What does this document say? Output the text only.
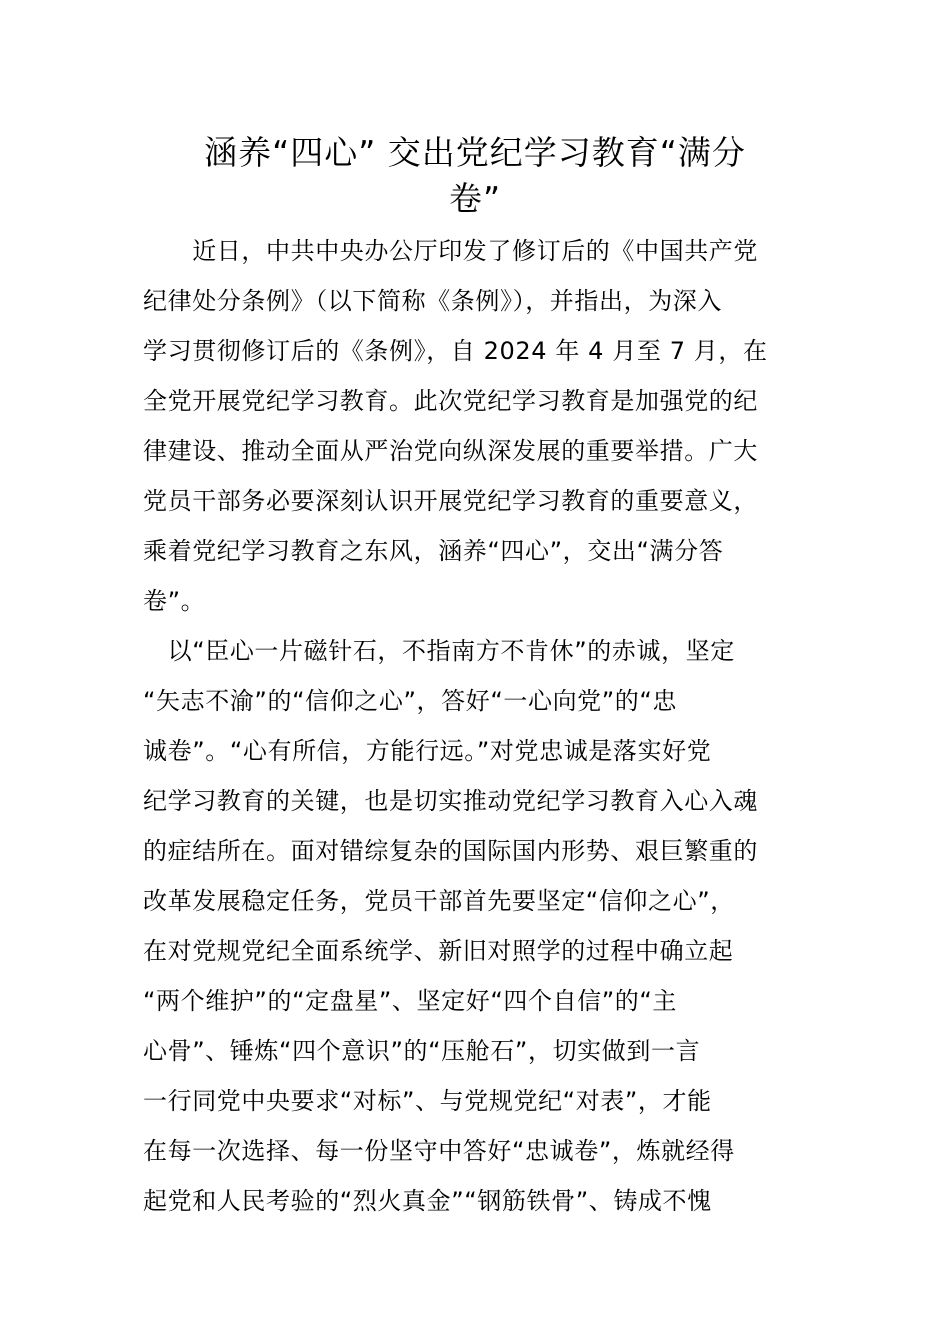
涵养“四心” 交出党纪学习教育“满分
卷”
　　近日，中共中央办公厅印发了修订后的《中国共产党
纪律处分条例》（以下简称《条例》），并指出，为深入
学习贯彻修订后的《条例》，自 2024 年 4 月至 7 月，在
全党开展党纪学习教育。此次党纪学习教育是加强党的纪
律建设、推动全面从严治党向纵深发展的重要举措。广大
党员干部务必要深刻认识开展党纪学习教育的重要意义，
乘着党纪学习教育之东风，涵养“四心”，交出“满分答
卷”。
　以“臣心一片磁针石，不指南方不肯休”的赤诚，坚定
“矢志不渝”的“信仰之心”，答好“一心向党”的“忠
诚卷”。“心有所信，方能行远。”对党忠诚是落实好党
纪学习教育的关键，也是切实推动党纪学习教育入心入魂
的症结所在。面对错综复杂的国际国内形势、艰巨繁重的
改革发展稳定任务，党员干部首先要坚定“信仰之心”，
在对党规党纪全面系统学、新旧对照学的过程中确立起
“两个维护”的“定盘星”、坚定好“四个自信”的“主
心骨”、锤炼“四个意识”的“压舱石”，切实做到一言
一行同党中央要求“对标”、与党规党纪“对表”，才能
在每一次选择、每一份坚守中答好“忠诚卷”，炼就经得
起党和人民考验的“烈火真金”“钢筋铁骨”、铸成不愧
